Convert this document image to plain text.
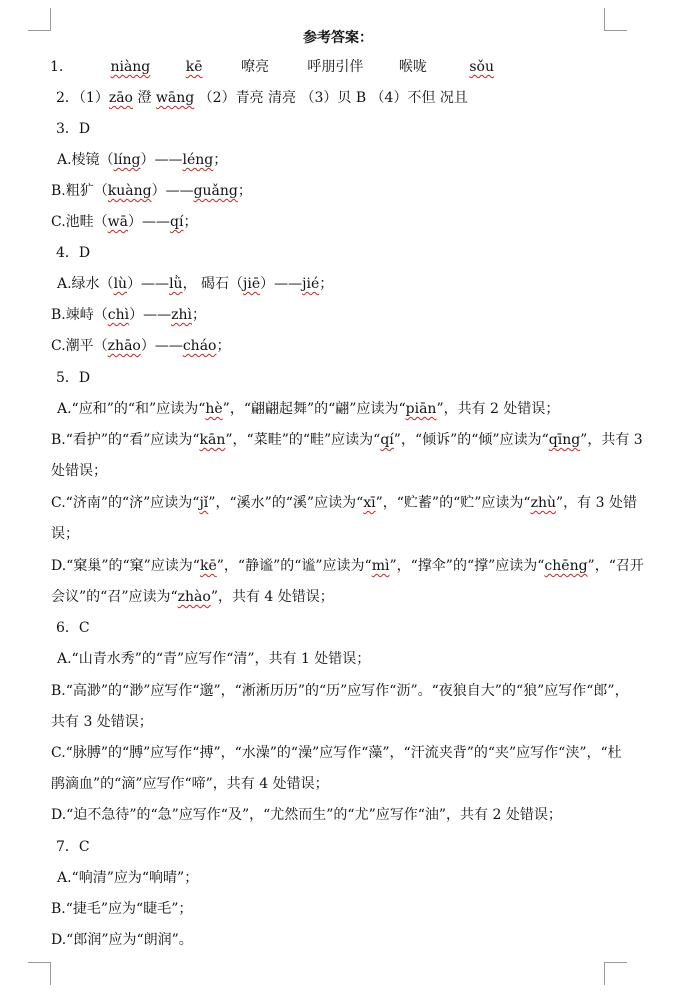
参考答案：
1．	niàng	kē	嘹亮	呼朋引伴	喉咙	sǒu
2．（1）zāo 澄 wāng （2）青亮 清亮 （3）贝 B （4）不但 况且
3．D
A.棱镜（líng）——léng；
B.粗犷（kuàng）——guǎng；
C.池畦（wā）——qí；
4．D
A.绿水（lù）——lǜ， 碣石（jiē）——jié；
B.竦峙（chì）——zhì；
C.潮平（zhāo）——cháo；
5．D
A.“应和”的“和”应读为“hè”，“翩翩起舞”的“翩”应读为“piān”，共有 2 处错误；
B.“看护”的“看”应读为“kān”，“菜畦”的“畦”应读为“qí”，“倾诉”的“倾”应读为“qīng”，共有 3
处错误；
C.“济南”的“济”应读为“jǐ”，“溪水”的“溪”应读为“xī”，“贮蓄”的“贮”应读为“zhù”，有 3 处错
误；
D.“窠巢”的“窠”应读为“kē”，“静谧”的“谧”应读为“mì”，“撑伞”的“撑”应读为“chēng”，“召开
会议”的“召”应读为“zhào”，共有 4 处错误；
6．C
A.“山青水秀”的“青”应写作“清”，共有 1 处错误；
B.“高渺”的“渺”应写作“邈”，“淅淅历历”的“历”应写作“沥”。“夜狼自大”的“狼”应写作“郎”，
共有 3 处错误；
C.“脉膊”的“膊”应写作“搏”，“水澡”的“澡”应写作“藻”，“汗流夹背”的“夹”应写作“浃”，“杜
鹃滴血”的“滴”应写作“啼”，共有 4 处错误；
D.“迫不急待”的“急”应写作“及”，“尤然而生”的“尤”应写作“油”，共有 2 处错误；
7．C
A.“响清”应为“响晴”；
B.“捷毛”应为“睫毛”；
D.“郎润”应为“朗润”。
